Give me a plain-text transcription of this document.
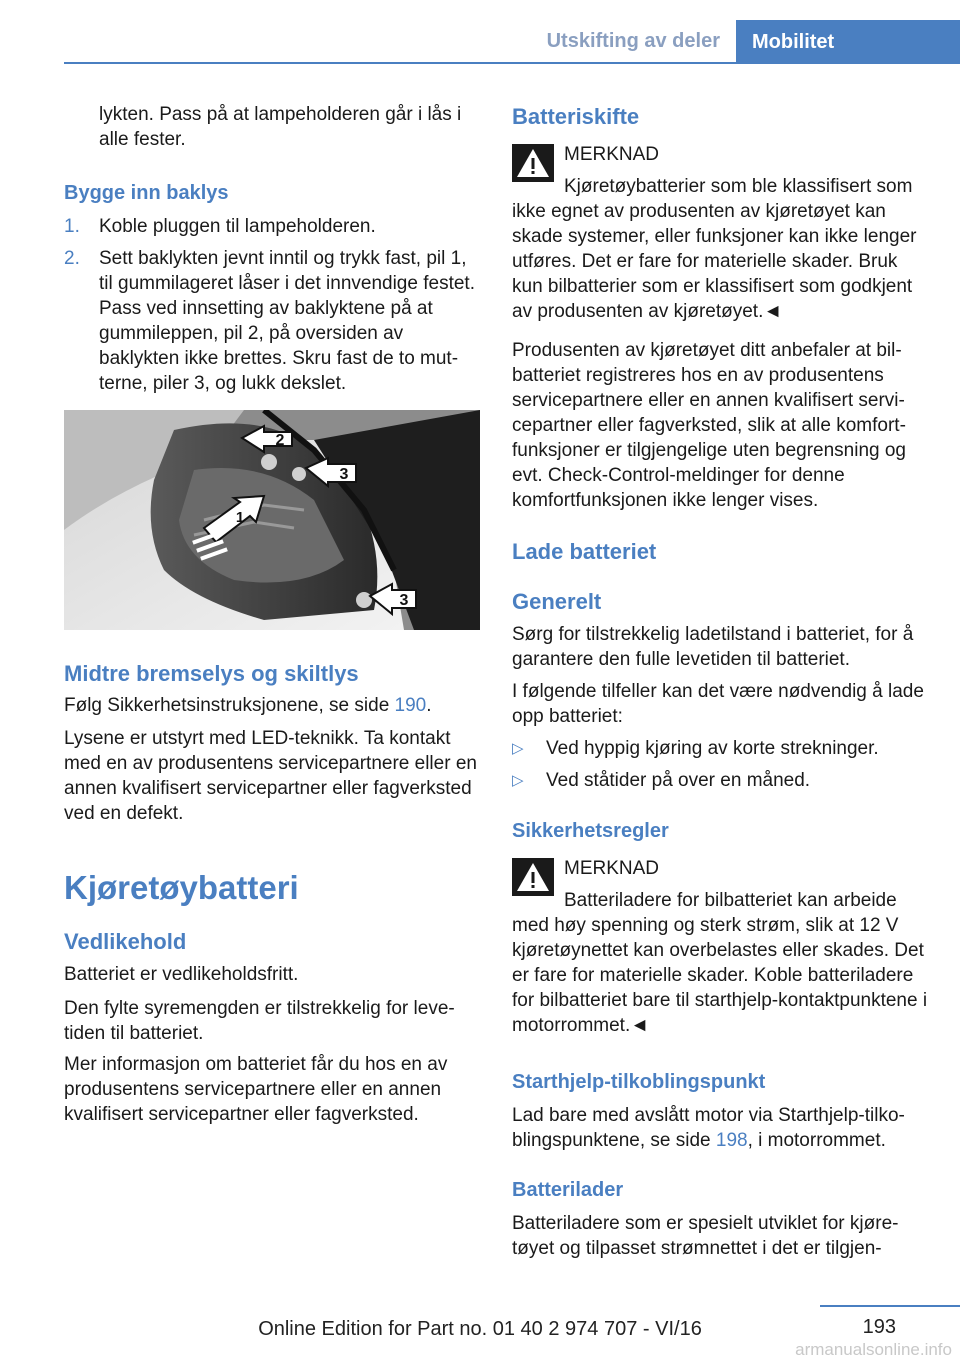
Utskifting av deler	Mobilitet
lykten. Pass på at lampeholderen går i lås i alle fester.
Bygge inn baklys
1. Koble pluggen til lampeholderen.
2. Sett baklykten jevnt inntil og trykk fast, pil 1, til gummilageret låser i det innvendige festet. Pass ved innsetting av baklyktene på at gummileppen, pil 2, på oversiden av baklykten ikke brettes. Skru fast de to mutterne, piler 3, og lukk dekslet.
2
3
1
3
Midtre bremselys og skiltlys
Følg Sikkerhetsinstruksjonene, se side 190.
Lysene er utstyrt med LED-teknikk. Ta kontakt med en av produsentens servicepartnere eller en annen kvalifisert servicepartner eller fagverksted ved en defekt.
Kjøretøybatteri
Vedlikehold
Batteriet er vedlikeholdsfritt.
Den fylte syremengden er tilstrekkelig for levetiden til batteriet.
Mer informasjon om batteriet får du hos en av produsentens servicepartnere eller en annen kvalifisert servicepartner eller fagverksted.
Batteriskifte
MERKNAD
Kjøretøybatterier som ble klassifisert som ikke egnet av produsenten av kjøretøyet kan skade systemer, eller funksjoner kan ikke lenger utføres. Det er fare for materielle skader. Bruk kun bilbatterier som er klassifisert som godkjent av produsenten av kjøretøyet.◄
Produsenten av kjøretøyet ditt anbefaler at bilbatteriet registreres hos en av produsentens servicepartnere eller en annen kvalifisert servicepartner eller fagverksted, slik at alle komfortfunksjoner er tilgjengelige uten begrensning og evt. Check-Control-meldinger for denne komfortfunksjonen ikke lenger vises.
Lade batteriet
Generelt
Sørg for tilstrekkelig ladetilstand i batteriet, for å garantere den fulle levetiden til batteriet.
I følgende tilfeller kan det være nødvendig å lade opp batteriet:
▷ Ved hyppig kjøring av korte strekninger.
▷ Ved ståtider på over en måned.
Sikkerhetsregler
MERKNAD
Batteriladere for bilbatteriet kan arbeide med høy spenning og sterk strøm, slik at 12 V kjøretøynettet kan overbelastes eller skades. Det er fare for materielle skader. Koble batteriladere for bilbatteriet bare til starthjelp-kontaktpunktene i motorrommet.◄
Starthjelp-tilkoblingspunkt
Lad bare med avslått motor via Starthjelp-tilkoblingspunktene, se side 198, i motorrommet.
Batterilader
Batteriladere som er spesielt utviklet for kjøretøyet og tilpasset strømnettet i det er tilgjen-
193
Online Edition for Part no. 01 40 2 974 707 - VI/16
armanualsonline.info
